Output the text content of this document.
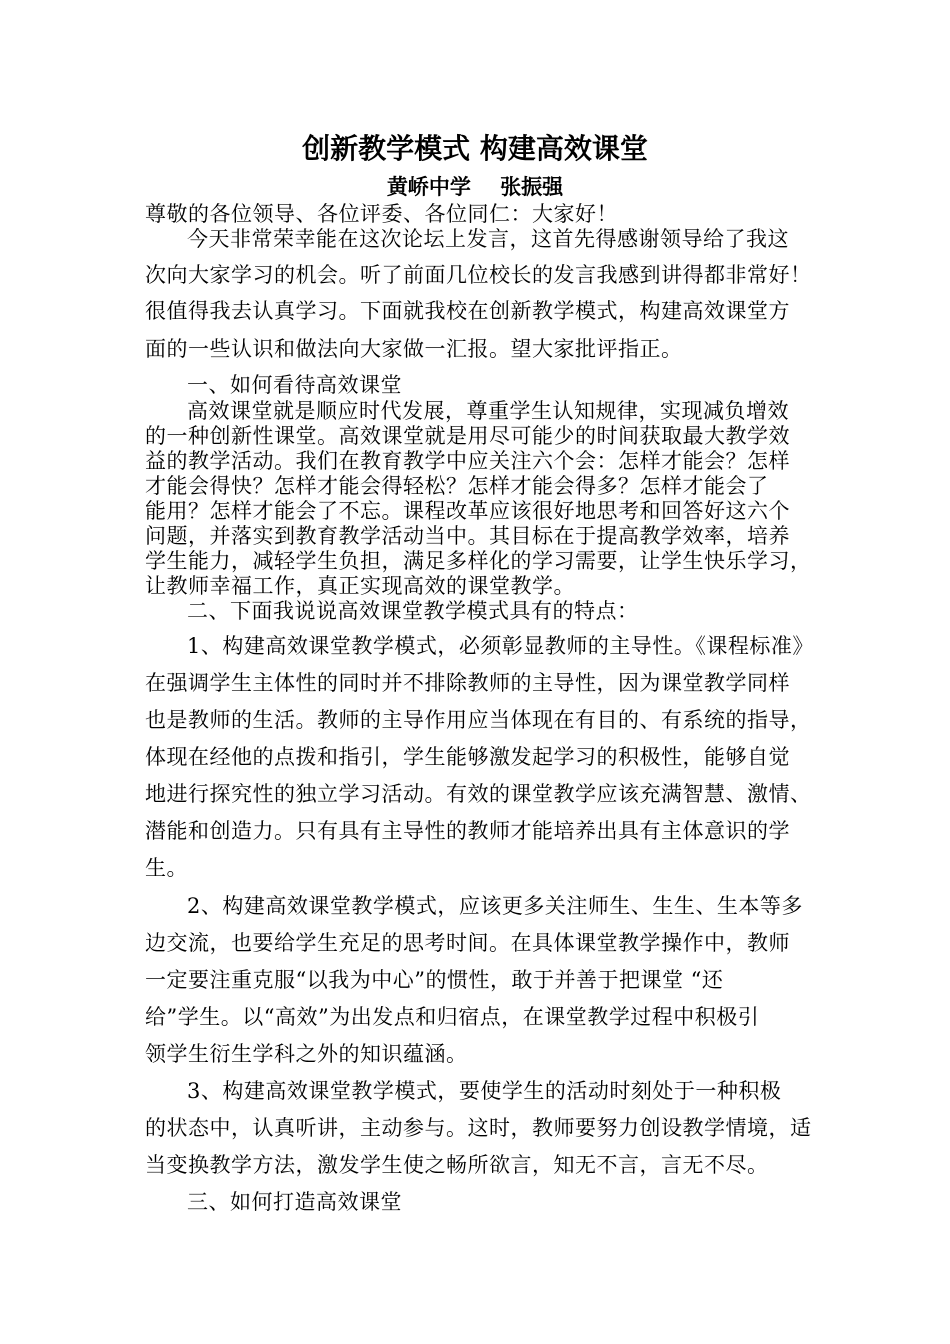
创新教学模式 构建高效课堂
黄峤中学    张振强
尊敬的各位领导、各位评委、各位同仁：大家好！
今天非常荣幸能在这次论坛上发言，这首先得感谢领导给了我这
次向大家学习的机会。听了前面几位校长的发言我感到讲得都非常好！
很值得我去认真学习。下面就我校在创新教学模式，构建高效课堂方
面的一些认识和做法向大家做一汇报。望大家批评指正。
一、如何看待高效课堂
高效课堂就是顺应时代发展，尊重学生认知规律，实现减负增效
的一种创新性课堂。高效课堂就是用尽可能少的时间获取最大教学效
益的教学活动。我们在教育教学中应关注六个会：怎样才能会？怎样
才能会得快？怎样才能会得轻松？怎样才能会得多？怎样才能会了
能用？怎样才能会了不忘。课程改革应该很好地思考和回答好这六个
问题，并落实到教育教学活动当中。其目标在于提高教学效率，培养
学生能力，减轻学生负担，满足多样化的学习需要，让学生快乐学习，
让教师幸福工作，真正实现高效的课堂教学。
二、下面我说说高效课堂教学模式具有的特点：
1、构建高效课堂教学模式，必须彰显教师的主导性。《课程标准》
在强调学生主体性的同时并不排除教师的主导性，因为课堂教学同样
也是教师的生活。教师的主导作用应当体现在有目的、有系统的指导，
体现在经他的点拨和指引，学生能够激发起学习的积极性，能够自觉
地进行探究性的独立学习活动。有效的课堂教学应该充满智慧、激情、
潜能和创造力。只有具有主导性的教师才能培养出具有主体意识的学
生。
2、构建高效课堂教学模式，应该更多关注师生、生生、生本等多
边交流，也要给学生充足的思考时间。在具体课堂教学操作中，教师
一定要注重克服“以我为中心”的惯性，敢于并善于把课堂 “还
给”学生。以“高效”为出发点和归宿点，在课堂教学过程中积极引
领学生衍生学科之外的知识蕴涵。
3、构建高效课堂教学模式，要使学生的活动时刻处于一种积极
的状态中，认真听讲，主动参与。这时，教师要努力创设教学情境，适
当变换教学方法，激发学生使之畅所欲言，知无不言，言无不尽。
三、如何打造高效课堂
